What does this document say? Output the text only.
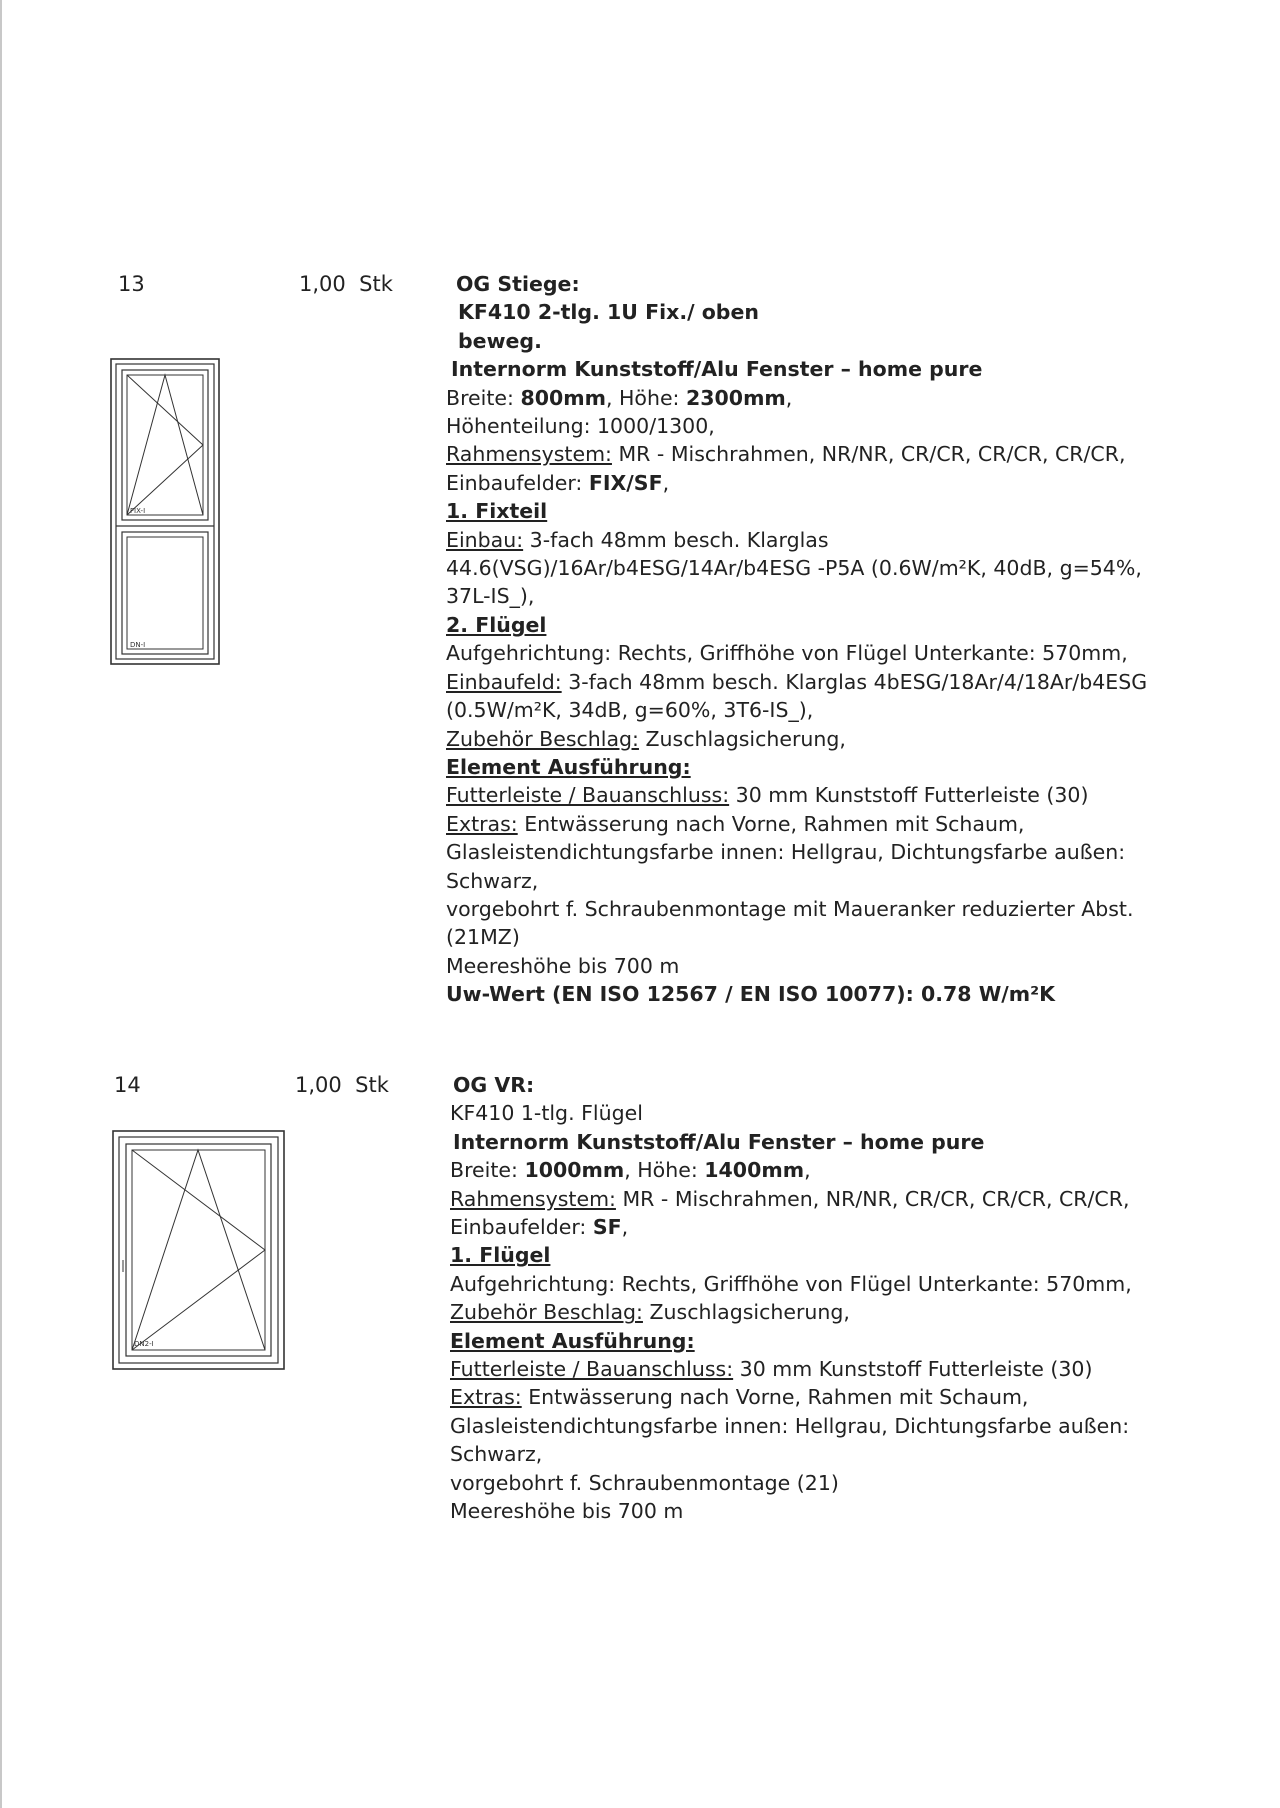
13	1,00 Stk
FIX-I
DN-I
OG Stiege:
KF410 2-tlg. 1U Fix./ oben
beweg.
Internorm Kunststoff/Alu Fenster – home pure
Breite: 800mm, Höhe: 2300mm,
Höhenteilung: 1000/1300,
Rahmensystem: MR - Mischrahmen, NR/NR, CR/CR, CR/CR, CR/CR,
Einbaufelder: FIX/SF,
1. Fixteil
Einbau: 3-fach 48mm besch. Klarglas
44.6(VSG)/16Ar/b4ESG/14Ar/b4ESG -P5A (0.6W/m²K, 40dB, g=54%,
37L-IS_),
2. Flügel
Aufgehrichtung: Rechts, Griffhöhe von Flügel Unterkante: 570mm,
Einbaufeld: 3-fach 48mm besch. Klarglas 4bESG/18Ar/4/18Ar/b4ESG
(0.5W/m²K, 34dB, g=60%, 3T6-IS_),
Zubehör Beschlag: Zuschlagsicherung,
Element Ausführung:
Futterleiste / Bauanschluss: 30 mm Kunststoff Futterleiste (30)
Extras: Entwässerung nach Vorne, Rahmen mit Schaum,
Glasleistendichtungsfarbe innen: Hellgrau, Dichtungsfarbe außen:
Schwarz,
vorgebohrt f. Schraubenmontage mit Maueranker reduzierter Abst.
(21MZ)
Meereshöhe bis 700 m
Uw-Wert (EN ISO 12567 / EN ISO 10077): 0.78 W/m²K
14	1,00 Stk
DN2-I
OG VR:
KF410 1-tlg. Flügel
Internorm Kunststoff/Alu Fenster – home pure
Breite: 1000mm, Höhe: 1400mm,
Rahmensystem: MR - Mischrahmen, NR/NR, CR/CR, CR/CR, CR/CR,
Einbaufelder: SF,
1. Flügel
Aufgehrichtung: Rechts, Griffhöhe von Flügel Unterkante: 570mm,
Zubehör Beschlag: Zuschlagsicherung,
Element Ausführung:
Futterleiste / Bauanschluss: 30 mm Kunststoff Futterleiste (30)
Extras: Entwässerung nach Vorne, Rahmen mit Schaum,
Glasleistendichtungsfarbe innen: Hellgrau, Dichtungsfarbe außen:
Schwarz,
vorgebohrt f. Schraubenmontage (21)
Meereshöhe bis 700 m
